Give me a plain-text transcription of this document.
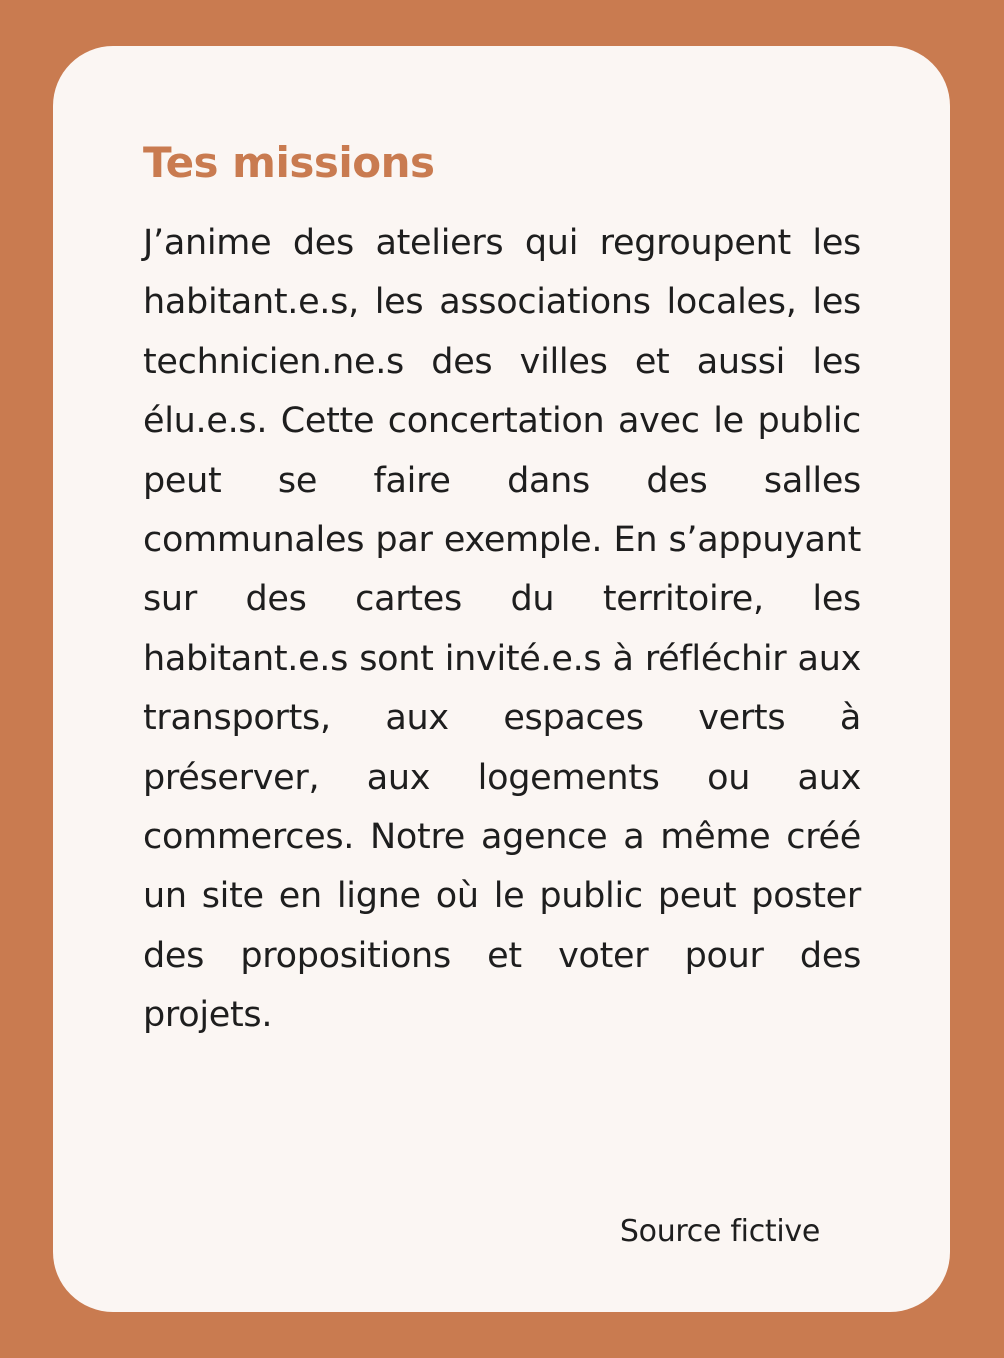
Tes missions

J’anime des ateliers qui regroupent les habitant.e.s, les associations locales, les technicien.ne.s des villes et aussi les élu.e.s. Cette concertation avec le public peut se faire dans des salles communales par exemple. En s’appuyant sur des cartes du territoire, les habitant.e.s sont invité.e.s à réfléchir aux transports, aux espaces verts à préserver, aux logements ou aux commerces. Notre agence a même créé un site en ligne où le public peut poster des propositions et voter pour des projets.

Source fictive
